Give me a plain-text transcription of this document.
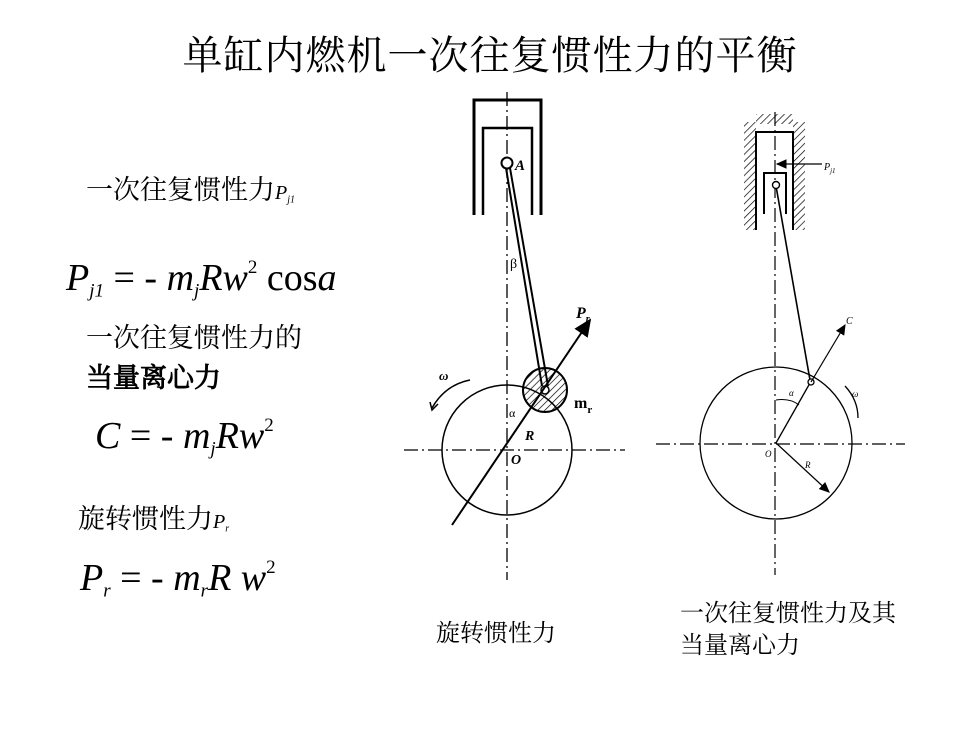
单缸内燃机一次往复惯性力的平衡
一次往复惯性力$P_{j1}$
$P_{j1}$ = - $m_jRw^2$ cosa
一次往复惯性力的
当量离心力
C = - $m_jRw^2$
旋转惯性力$P_r$
$P_r$ = - $m_rR$ $w^2$
A
β
$P_r$
$m_r$
ω
α
R
O
$P_{j1}$
C
α	ω
O
R
旋转惯性力
一次往复惯性力及其
当量离心力
